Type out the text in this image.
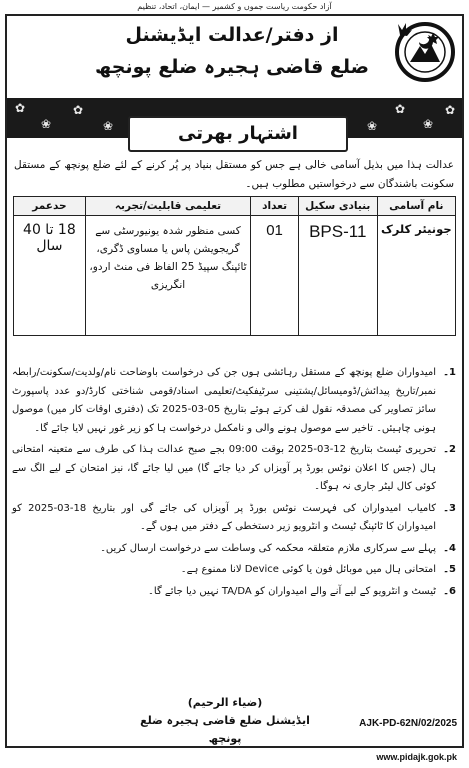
آزاد حکومت ریاست جموں و کشمیر — ایمان، اتحاد، تنظیم
از دفتر/عدالت ایڈیشنل
ضلع قاضی ہجیرہ ضلع پونچھ
✿
❀
✿
❀	❀
✿
❀
✿
اشتہار بھرتی
عدالت ہذا میں بذیل آسامی خالی ہے جس کو مستقل بنیاد پر پُر کرنے کے لئے ضلع پونچھ کے مستقل سکونت باشندگان سے درخواستیں مطلوب ہیں۔
نام آسامی	بنیادی سکیل	تعداد	تعلیمی قابلیت/تجربہ	حدعمر
جونیئر کلرک	BPS-11	01	کسی منظور شدہ یونیورسٹی سے گریجویشن پاس یا مساوی ڈگری، ٹائپنگ سپیڈ 25 الفاظ فی منٹ اردو، انگریزی	18 تا 40 سال
1۔
امیدواران ضلع پونچھ کے مستقل رہائشی ہوں جن کی درخواست باوضاحت نام/ولدیت/سکونت/رابطہ نمبر/تاریخ پیدائش/ڈومیسائل/پشتینی سرٹیفکیٹ/تعلیمی اسناد/قومی شناختی کارڈ/دو عدد پاسپورٹ سائز تصاویر کی مصدقہ نقول لف کرتے ہوئے بتاریخ 05-03-2025 تک (دفتری اوقات کار میں) موصول ہونی چاہیئں۔ تاخیر سے موصول ہونے والی و نامکمل درخواست ہا کو زیر غور نہیں لایا جائے گا۔
2۔
تحریری ٹیسٹ بتاریخ 12-03-2025 بوقت 09:00 بجے صبح عدالت ہذا کی طرف سے متعینہ امتحانی ہال (جس کا اعلان نوٹس بورڈ پر آویزاں کر دیا جائے گا) میں لیا جائے گا، نیز امتحان کے لیے الگ سے کوئی کال لیٹر جاری نہ ہوگا۔
3۔
کامیاب امیدواران کی فہرست نوٹس بورڈ پر آویزاں کی جائے گی اور بتاریخ 18-03-2025 کو امیدواران کا ٹائپنگ ٹیسٹ و انٹرویو زیر دستخطی کے دفتر میں ہوں گے۔
4۔
پہلے سے سرکاری ملازم متعلقہ محکمہ کی وساطت سے درخواست ارسال کریں۔
5۔
امتحانی ہال میں موبائل فون یا کوئی Device لانا ممنوع ہے۔
6۔
ٹیسٹ و انٹرویو کے لیے آنے والے امیدواران کو TA/DA نہیں دیا جائے گا۔
(ضیاء الرحیم)
ایڈیشنل ضلع قاضی ہجیرہ ضلع پونچھ
AJK-PD-62N/02/2025
www.pidajk.gok.pk
